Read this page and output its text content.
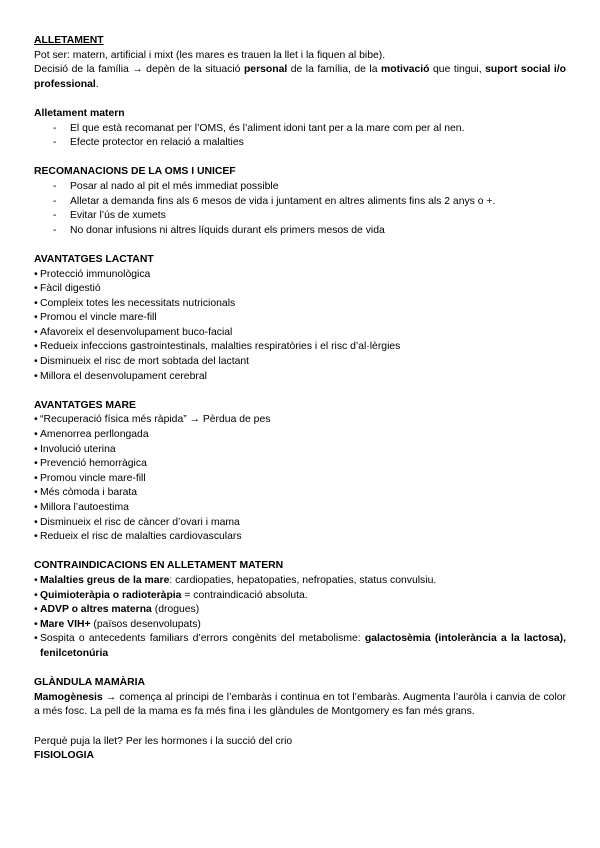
ALLETAMENT

Pot ser: matern, artificial i mixt (les mares es trauen la llet i la fiquen al bibe).

Decisió de la família → depèn de la situació personal de la família, de la motivació que tingui, suport social i/o professional.

Alletament matern

- El que està recomanat per l’OMS, és l’aliment idoni tant per a la mare com per al nen.
- Efecte protector en relació a malalties

RECOMANACIONS DE LA OMS I UNICEF

- Posar al nado al pit el més immediat possible
- Alletar a demanda fins als 6 mesos de vida i juntament en altres aliments fins als 2 anys o +.
- Evitar l’ús de xumets
- No donar infusions ni altres líquids durant els primers mesos de vida

AVANTATGES LACTANT

• Protecció immunològica
• Fàcil digestió
• Compleix totes les necessitats nutricionals
• Promou el vincle mare-fill
• Afavoreix el desenvolupament buco-facial
• Redueix infeccions gastrointestinals, malalties respiratòries i el risc d’al·lèrgies
• Disminueix el risc de mort sobtada del lactant
• Millora el desenvolupament cerebral

AVANTATGES MARE

• “Recuperació física més ràpida” → Pèrdua de pes
• Amenorrea perllongada
• Involució uterina
• Prevenció hemorràgica
• Promou vincle mare-fill
• Més còmoda i barata
• Millora l’autoestima
• Disminueix el risc de càncer d’ovari i mama
• Redueix el risc de malalties cardiovasculars

CONTRAINDICACIONS EN ALLETAMENT MATERN

• Malalties greus de la mare: cardiopaties, hepatopaties, nefropaties, status convulsiu.
• Quimioteràpia o radioteràpia = contraindicació absoluta.
• ADVP o altres materna (drogues)
• Mare VIH+ (països desenvolupats)
• Sospita o antecedents familiars d’errors congènits del metabolisme: galactosèmia (intolerància a la lactosa), fenilcetonúria

GLÀNDULA MAMÀRIA

Mamogènesis → comença al principi de l’embaràs i continua en tot l’embaràs. Augmenta l’auròla i canvia de color a més fosc. La pell de la mama es fa més fina i les glàndules de Montgomery es fan més grans.

Perquè puja la llet? Per les hormones i la succió del crio

FISIOLOGIA
